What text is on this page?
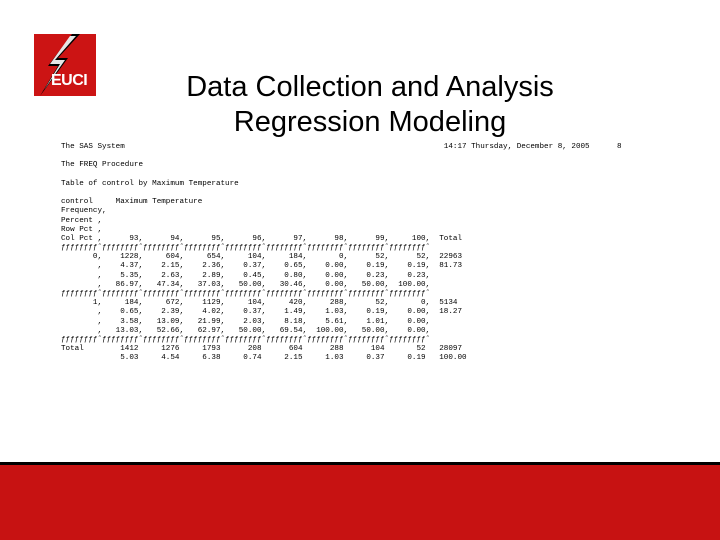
EUCI	Data Collection and Analysis
Regression Modeling
The SAS System                                                                      14:17 Thursday, December 8, 2005      8
The FREQ Procedure
Table of control by Maximum Temperature
control     Maximum Temperature
Frequency,
Percent ,
Row Pct ,
Col Pct ,      93,      94,      95,      96,      97,      98,      99,     100,  Total
ƒƒƒƒƒƒƒƒˆƒƒƒƒƒƒƒƒˆƒƒƒƒƒƒƒƒˆƒƒƒƒƒƒƒƒˆƒƒƒƒƒƒƒƒˆƒƒƒƒƒƒƒƒˆƒƒƒƒƒƒƒƒˆƒƒƒƒƒƒƒƒˆƒƒƒƒƒƒƒƒˆ
0,    1228,     604,     654,     104,     184,       0,      52,      52,  22963
,    4.37,    2.15,    2.36,    0.37,    0.65,    0.00,    0.19,    0.19,  81.73
,    5.35,    2.63,    2.89,    0.45,    0.80,    0.00,    0.23,    0.23,
,   86.97,   47.34,   37.03,   50.00,   30.46,    0.00,   50.00,  100.00,
ƒƒƒƒƒƒƒƒˆƒƒƒƒƒƒƒƒˆƒƒƒƒƒƒƒƒˆƒƒƒƒƒƒƒƒˆƒƒƒƒƒƒƒƒˆƒƒƒƒƒƒƒƒˆƒƒƒƒƒƒƒƒˆƒƒƒƒƒƒƒƒˆƒƒƒƒƒƒƒƒˆ
1,     184,     672,    1129,     104,     420,     288,      52,       0,  5134
,    0.65,    2.39,    4.02,    0.37,    1.49,    1.03,    0.19,    0.00,  18.27
,    3.58,   13.09,   21.99,    2.03,    8.18,    5.61,    1.01,    0.00,
,   13.03,   52.66,   62.97,   50.00,   69.54,  100.00,   50.00,    0.00,
ƒƒƒƒƒƒƒƒˆƒƒƒƒƒƒƒƒˆƒƒƒƒƒƒƒƒˆƒƒƒƒƒƒƒƒˆƒƒƒƒƒƒƒƒˆƒƒƒƒƒƒƒƒˆƒƒƒƒƒƒƒƒˆƒƒƒƒƒƒƒƒˆƒƒƒƒƒƒƒƒˆ
Total        1412     1276     1793      208      604      288      104       52   28097
5.03     4.54     6.38     0.74     2.15     1.03     0.37     0.19   100.00
